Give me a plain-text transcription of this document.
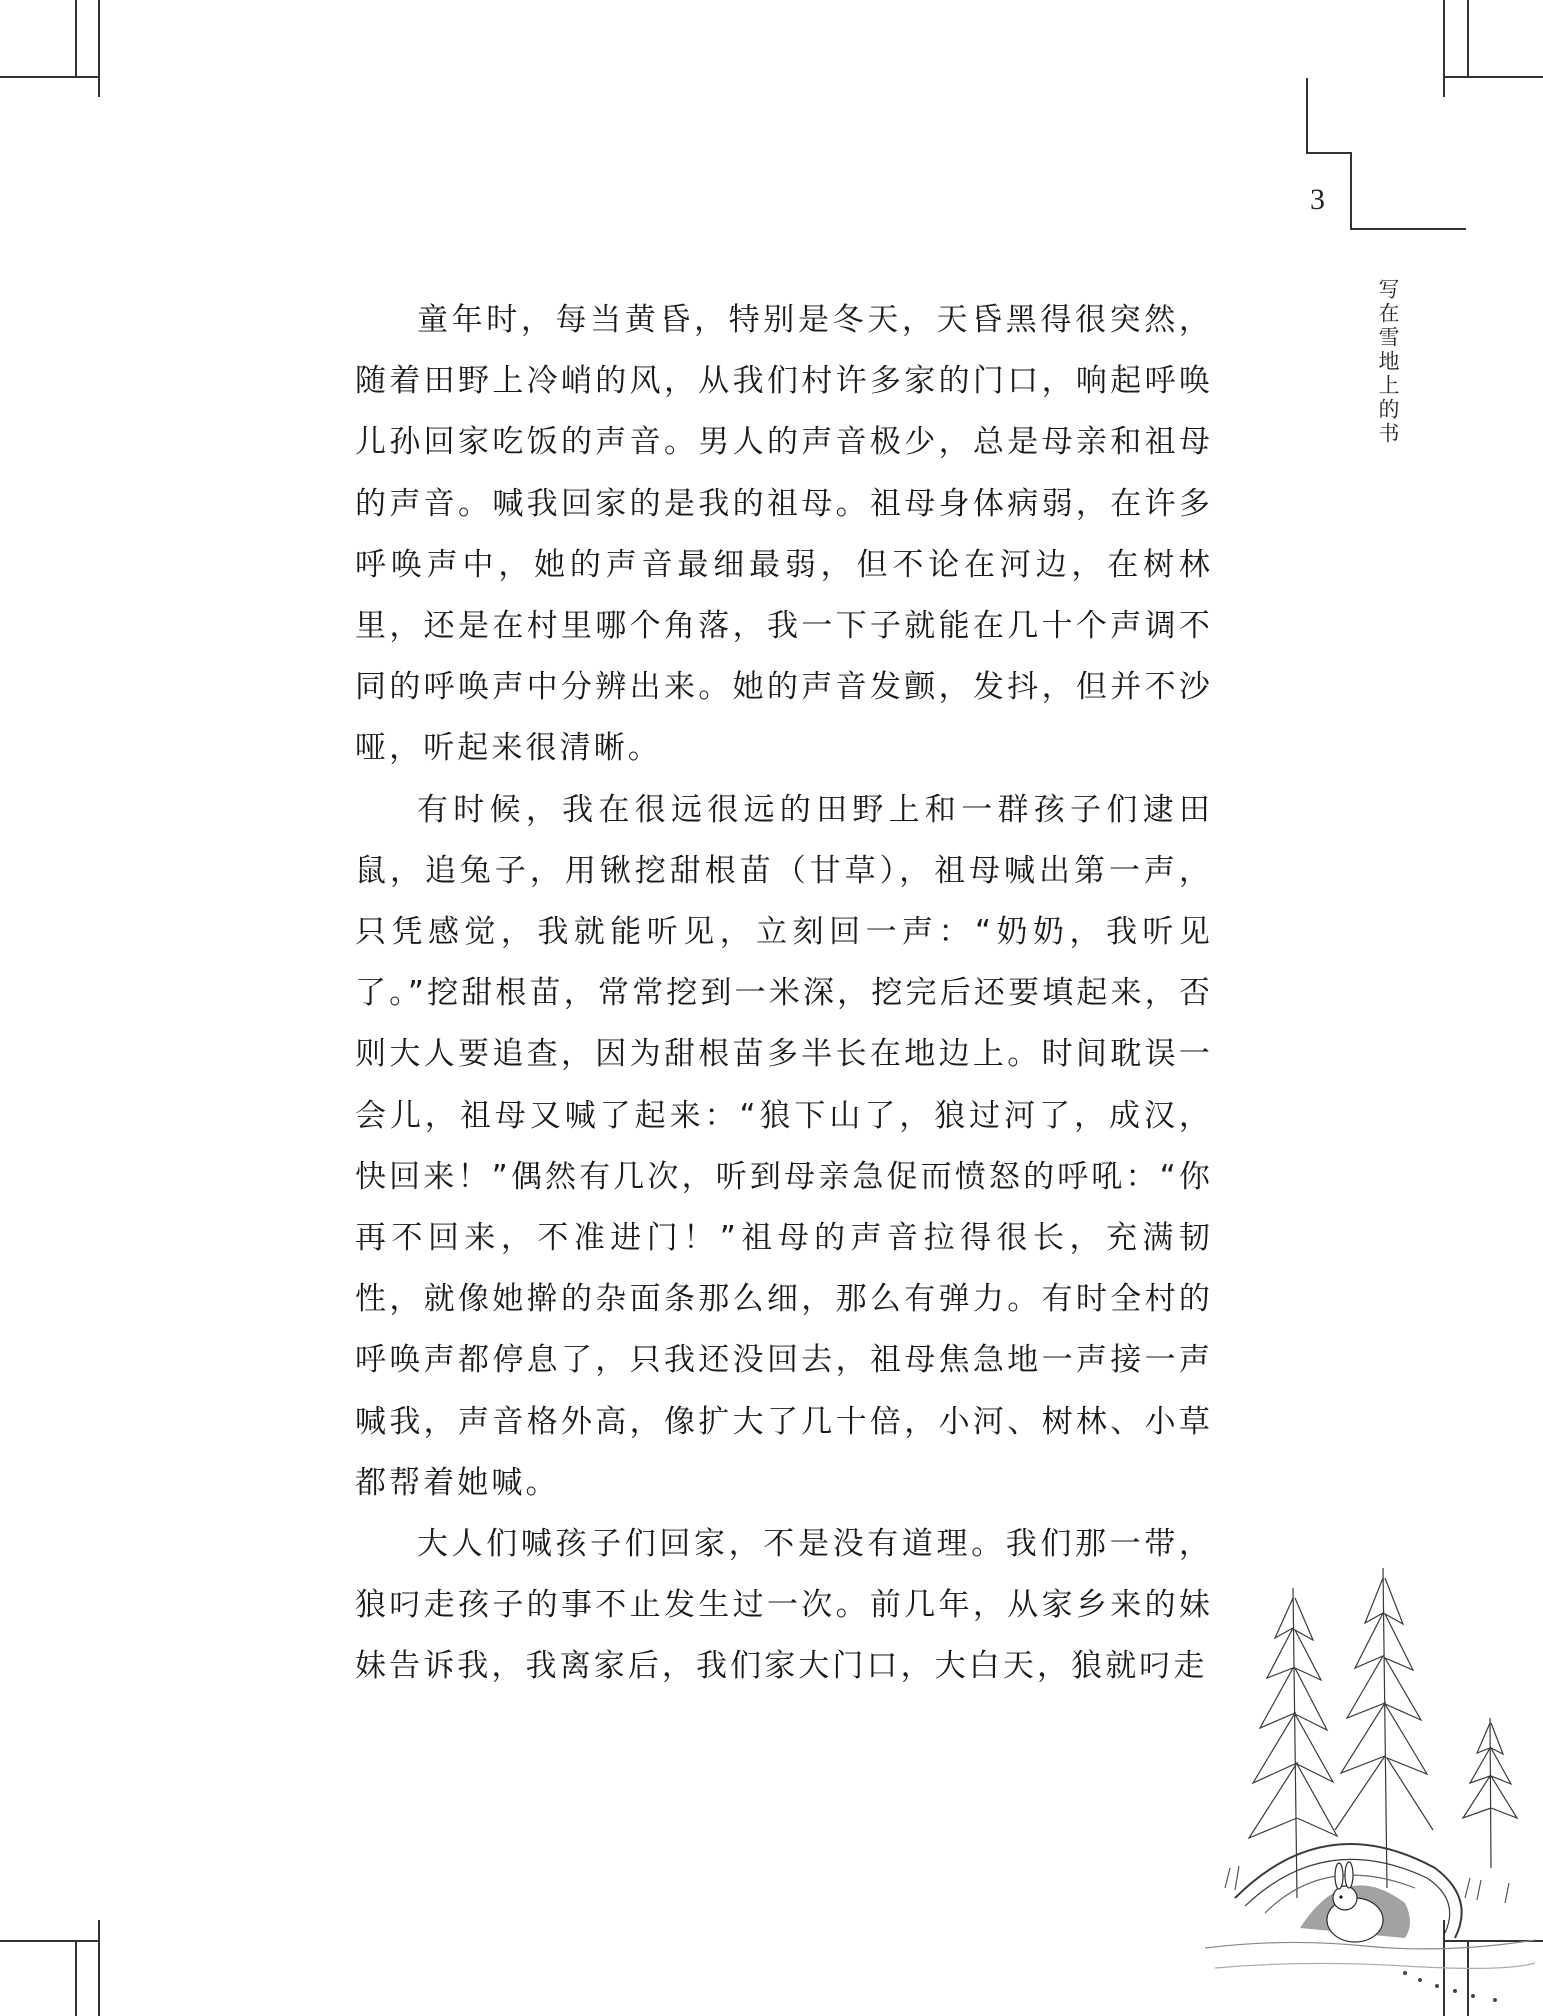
3
写在雪地上的书

童年时，每当黄昏，特别是冬天，天昏黑得很突然，随着田野上冷峭的风，从我们村许多家的门口，响起呼唤儿孙回家吃饭的声音。男人的声音极少，总是母亲和祖母的声音。喊我回家的是我的祖母。祖母身体病弱，在许多呼唤声中，她的声音最细最弱，但不论在河边，在树林里，还是在村里哪个角落，我一下子就能在几十个声调不同的呼唤声中分辨出来。她的声音发颤，发抖，但并不沙哑，听起来很清晰。

有时候，我在很远很远的田野上和一群孩子们逮田鼠，追兔子，用锹挖甜根苗（甘草），祖母喊出第一声，只凭感觉，我就能听见，立刻回一声：“奶奶，我听见了。”挖甜根苗，常常挖到一米深，挖完后还要填起来，否则大人要追查，因为甜根苗多半长在地边上。时间耽误一会儿，祖母又喊了起来：“狼下山了，狼过河了，成汉，快回来！”偶然有几次，听到母亲急促而愤怒的呼吼：“你再不回来，不准进门！”祖母的声音拉得很长，充满韧性，就像她擀的杂面条那么细，那么有弹力。有时全村的呼唤声都停息了，只我还没回去，祖母焦急地一声接一声喊我，声音格外高，像扩大了几十倍，小河、树林、小草都帮着她喊。

大人们喊孩子们回家，不是没有道理。我们那一带，狼叼走孩子的事不止发生过一次。前几年，从家乡来的妹妹告诉我，我离家后，我们家大门口，大白天，狼就叼走
